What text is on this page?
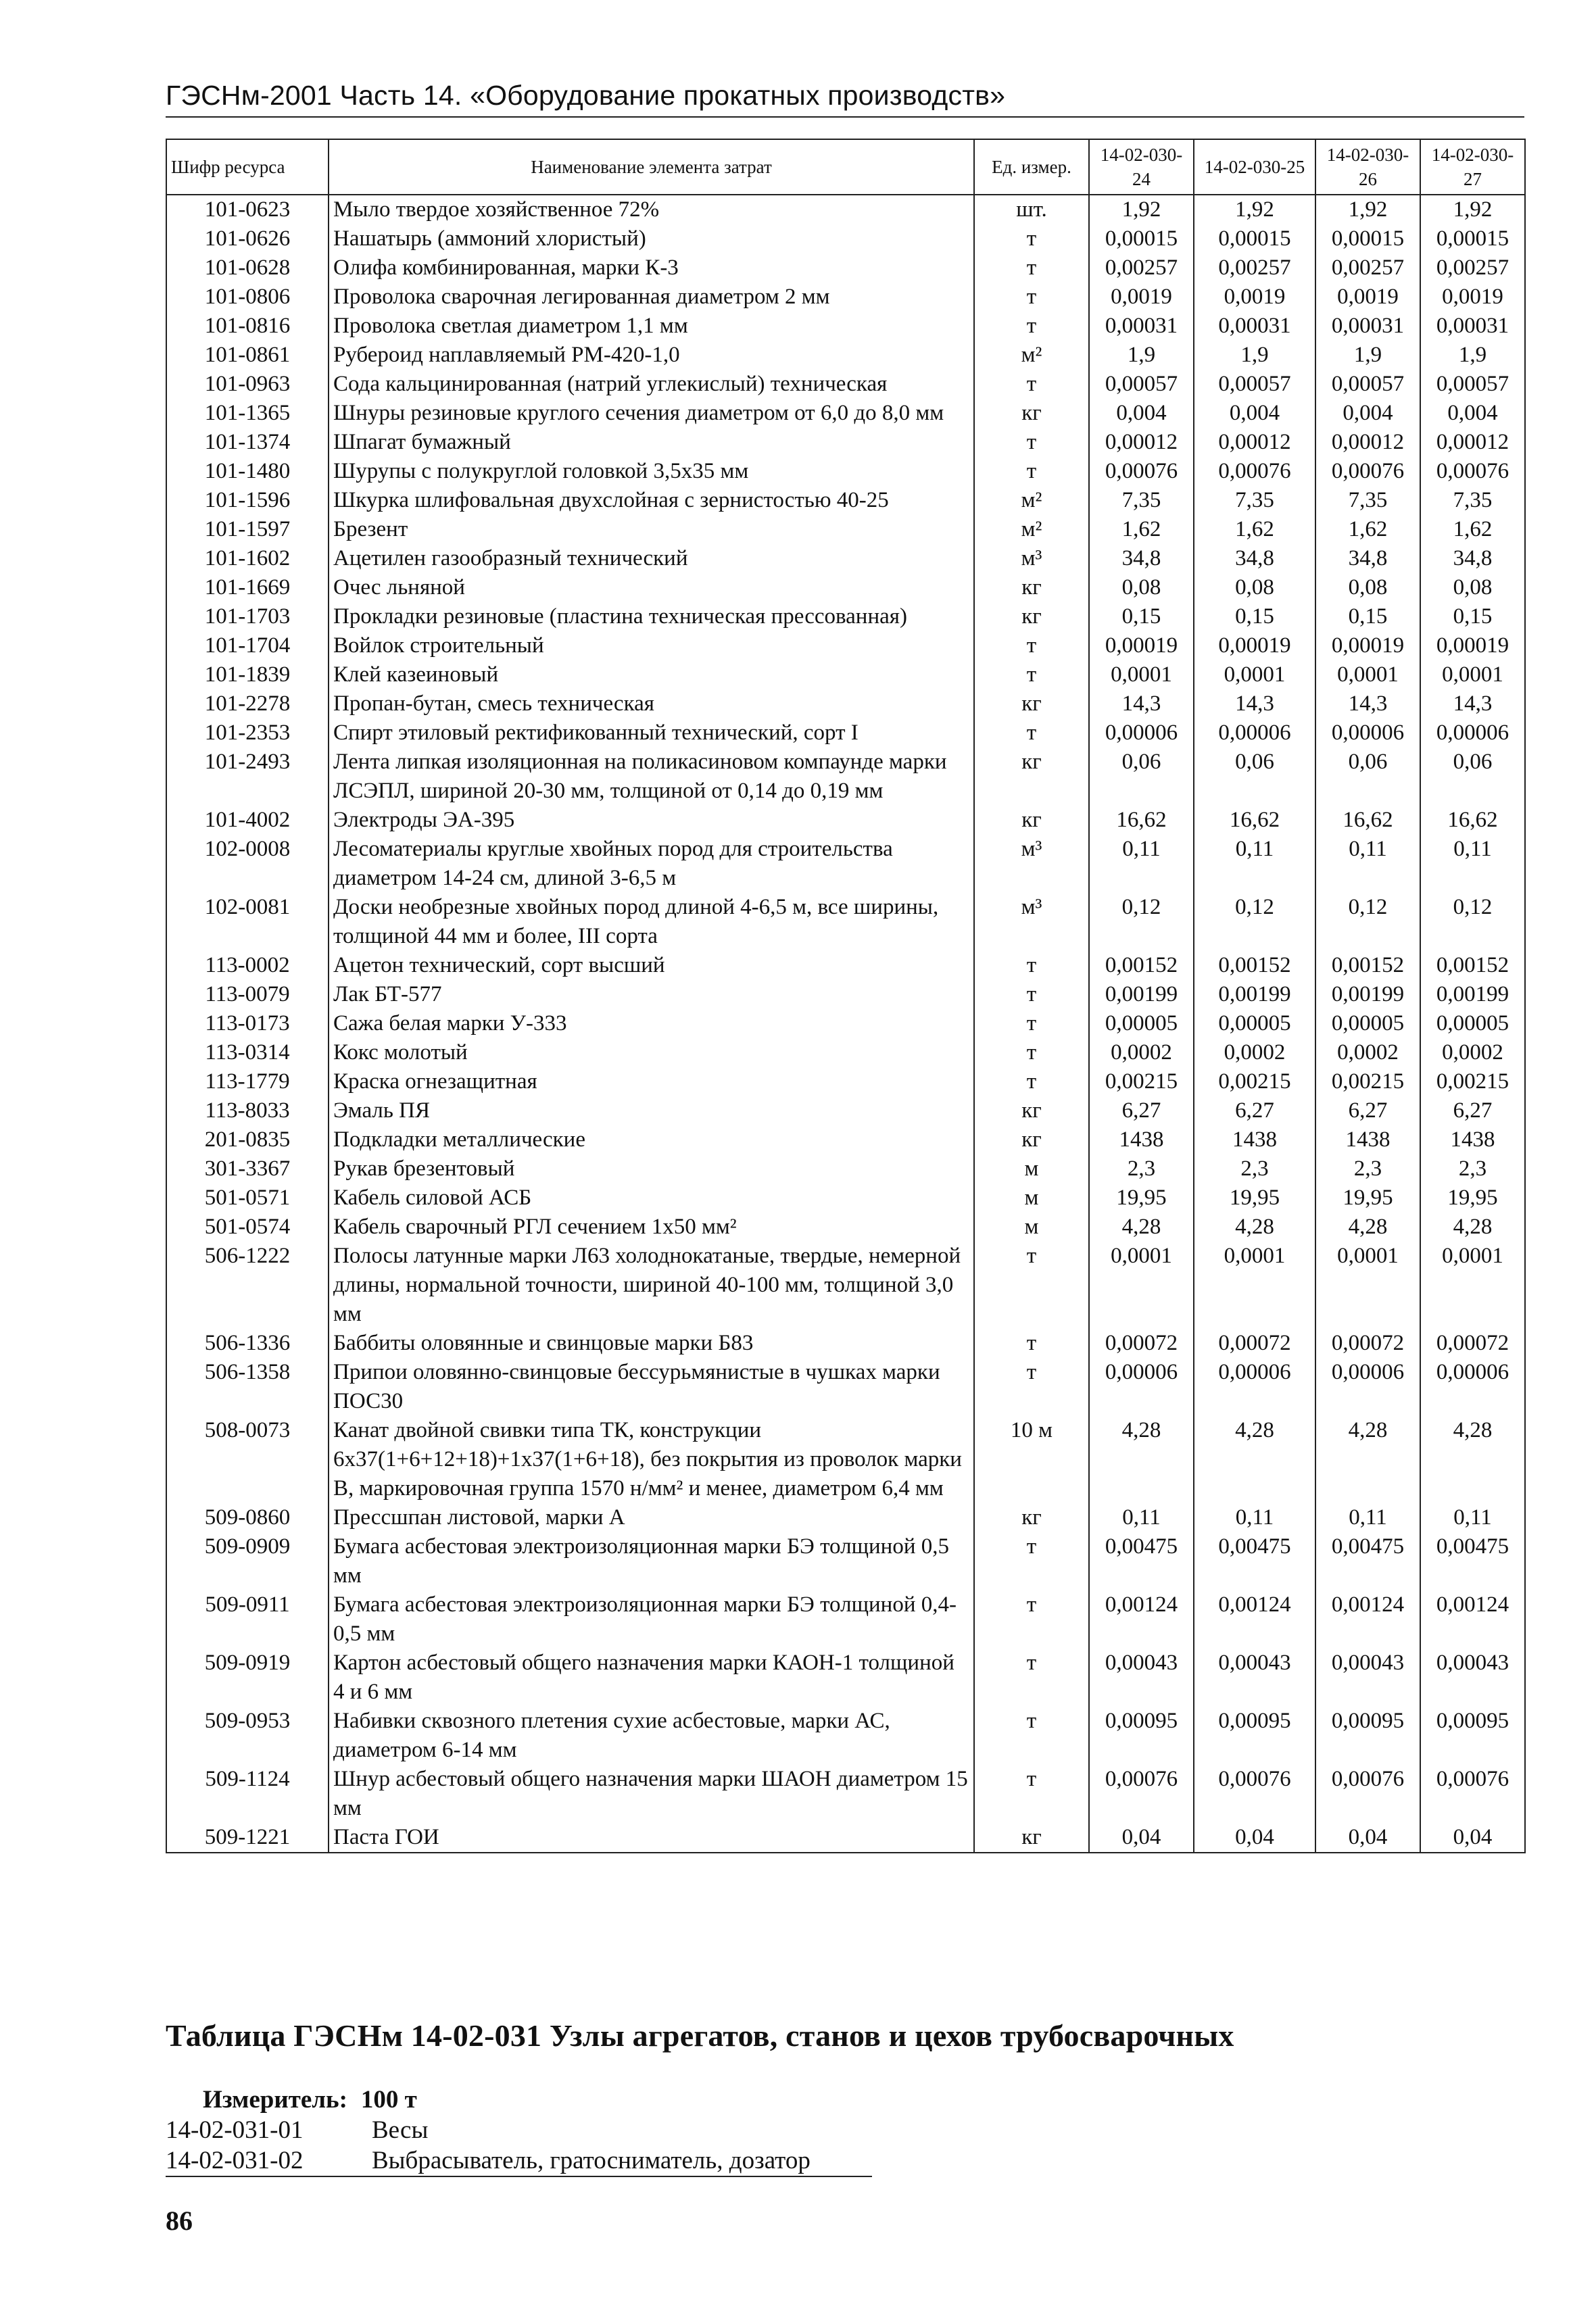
ГЭСНм-2001 Часть 14. «Оборудование прокатных производств»
Шифр ресурса	Наименование элемента затрат	Ед. измер.	14-02-030-24	14-02-030-25	14-02-030-26	14-02-030-27
101-0623	Мыло твердое хозяйственное 72%	шт.	1,92	1,92	1,92	1,92
101-0626	Нашатырь (аммоний хлористый)	т	0,00015	0,00015	0,00015	0,00015
101-0628	Олифа комбинированная, марки К-3	т	0,00257	0,00257	0,00257	0,00257
101-0806	Проволока сварочная легированная диаметром 2 мм	т	0,0019	0,0019	0,0019	0,0019
101-0816	Проволока светлая диаметром 1,1 мм	т	0,00031	0,00031	0,00031	0,00031
101-0861	Рубероид наплавляемый РМ-420-1,0	м²	1,9	1,9	1,9	1,9
101-0963	Сода кальцинированная (натрий углекислый) техническая	т	0,00057	0,00057	0,00057	0,00057
101-1365	Шнуры резиновые круглого сечения диаметром от 6,0 до 8,0 мм	кг	0,004	0,004	0,004	0,004
101-1374	Шпагат бумажный	т	0,00012	0,00012	0,00012	0,00012
101-1480	Шурупы с полукруглой головкой 3,5x35 мм	т	0,00076	0,00076	0,00076	0,00076
101-1596	Шкурка шлифовальная двухслойная с зернистостью 40-25	м²	7,35	7,35	7,35	7,35
101-1597	Брезент	м²	1,62	1,62	1,62	1,62
101-1602	Ацетилен газообразный технический	м³	34,8	34,8	34,8	34,8
101-1669	Очес льняной	кг	0,08	0,08	0,08	0,08
101-1703	Прокладки резиновые (пластина техническая прессованная)	кг	0,15	0,15	0,15	0,15
101-1704	Войлок строительный	т	0,00019	0,00019	0,00019	0,00019
101-1839	Клей казеиновый	т	0,0001	0,0001	0,0001	0,0001
101-2278	Пропан-бутан, смесь техническая	кг	14,3	14,3	14,3	14,3
101-2353	Спирт этиловый ректификованный технический, сорт I	т	0,00006	0,00006	0,00006	0,00006
101-2493	Лента липкая изоляционная на поликасиновом компаунде марки ЛСЭПЛ, шириной 20-30 мм, толщиной от 0,14 до 0,19 мм	кг	0,06	0,06	0,06	0,06
101-4002	Электроды ЭА-395	кг	16,62	16,62	16,62	16,62
102-0008	Лесоматериалы круглые хвойных пород для строительства диаметром 14-24 см, длиной 3-6,5 м	м³	0,11	0,11	0,11	0,11
102-0081	Доски необрезные хвойных пород длиной 4-6,5 м, все ширины, толщиной 44 мм и более, III сорта	м³	0,12	0,12	0,12	0,12
113-0002	Ацетон технический, сорт высший	т	0,00152	0,00152	0,00152	0,00152
113-0079	Лак БТ-577	т	0,00199	0,00199	0,00199	0,00199
113-0173	Сажа белая марки У-333	т	0,00005	0,00005	0,00005	0,00005
113-0314	Кокс молотый	т	0,0002	0,0002	0,0002	0,0002
113-1779	Краска огнезащитная	т	0,00215	0,00215	0,00215	0,00215
113-8033	Эмаль ПЯ	кг	6,27	6,27	6,27	6,27
201-0835	Подкладки металлические	кг	1438	1438	1438	1438
301-3367	Рукав брезентовый	м	2,3	2,3	2,3	2,3
501-0571	Кабель силовой АСБ	м	19,95	19,95	19,95	19,95
501-0574	Кабель сварочный РГЛ сечением 1x50 мм²	м	4,28	4,28	4,28	4,28
506-1222	Полосы латунные марки Л63 холоднокатаные, твердые, немерной длины, нормальной точности, шириной 40-100 мм, толщиной 3,0 мм	т	0,0001	0,0001	0,0001	0,0001
506-1336	Баббиты оловянные и свинцовые марки Б83	т	0,00072	0,00072	0,00072	0,00072
506-1358	Припои оловянно-свинцовые бессурьмянистые в чушках марки ПОС30	т	0,00006	0,00006	0,00006	0,00006
508-0073	Канат двойной свивки типа ТК, конструкции 6x37(1+6+12+18)+1x37(1+6+18), без покрытия из проволок марки В, маркировочная группа 1570 н/мм² и менее, диаметром 6,4 мм	10 м	4,28	4,28	4,28	4,28
509-0860	Прессшпан листовой, марки А	кг	0,11	0,11	0,11	0,11
509-0909	Бумага асбестовая электроизоляционная марки БЭ толщиной 0,5 мм	т	0,00475	0,00475	0,00475	0,00475
509-0911	Бумага асбестовая электроизоляционная марки БЭ толщиной 0,4-0,5 мм	т	0,00124	0,00124	0,00124	0,00124
509-0919	Картон асбестовый общего назначения марки КАОН-1 толщиной 4 и 6 мм	т	0,00043	0,00043	0,00043	0,00043
509-0953	Набивки сквозного плетения сухие асбестовые, марки АС, диаметром 6-14 мм	т	0,00095	0,00095	0,00095	0,00095
509-1124	Шнур асбестовый общего назначения марки ШАОН диаметром 15 мм	т	0,00076	0,00076	0,00076	0,00076
509-1221	Паста ГОИ	кг	0,04	0,04	0,04	0,04
Таблица ГЭСНм 14-02-031 Узлы агрегатов, станов и цехов трубосварочных
Измеритель: 100 т
14-02-031-01	Весы
14-02-031-02	Выбрасыватель, гратосниматель, дозатор
86
